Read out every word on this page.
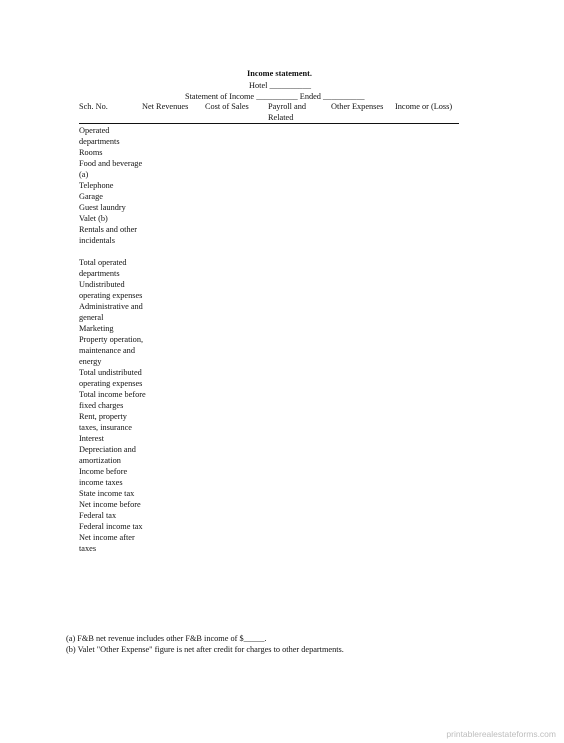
Income statement.
Hotel __________
Statement of Income __________ Ended __________
Sch. No.	Net Revenues Cost of Sales Payroll and
Related
Other Expenses Income or (Loss)
Operated departments
Rooms
Food and beverage (a)
Telephone
Garage
Guest laundry
Valet (b)
Rentals and other incidentals
Total operated departments
Undistributed operating expenses
Administrative and general
Marketing
Property operation, maintenance and energy
Total undistributed operating expenses
Total income before fixed charges
Rent, property taxes, insurance
Interest
Depreciation and amortization
Income before income taxes
State income tax
Net income before Federal tax
Federal income tax
Net income after taxes
(a) F&B net revenue includes other F&B income of $_____.
(b) Valet "Other Expense" figure is net after credit for charges to other departments.
printablerealestateforms.com
